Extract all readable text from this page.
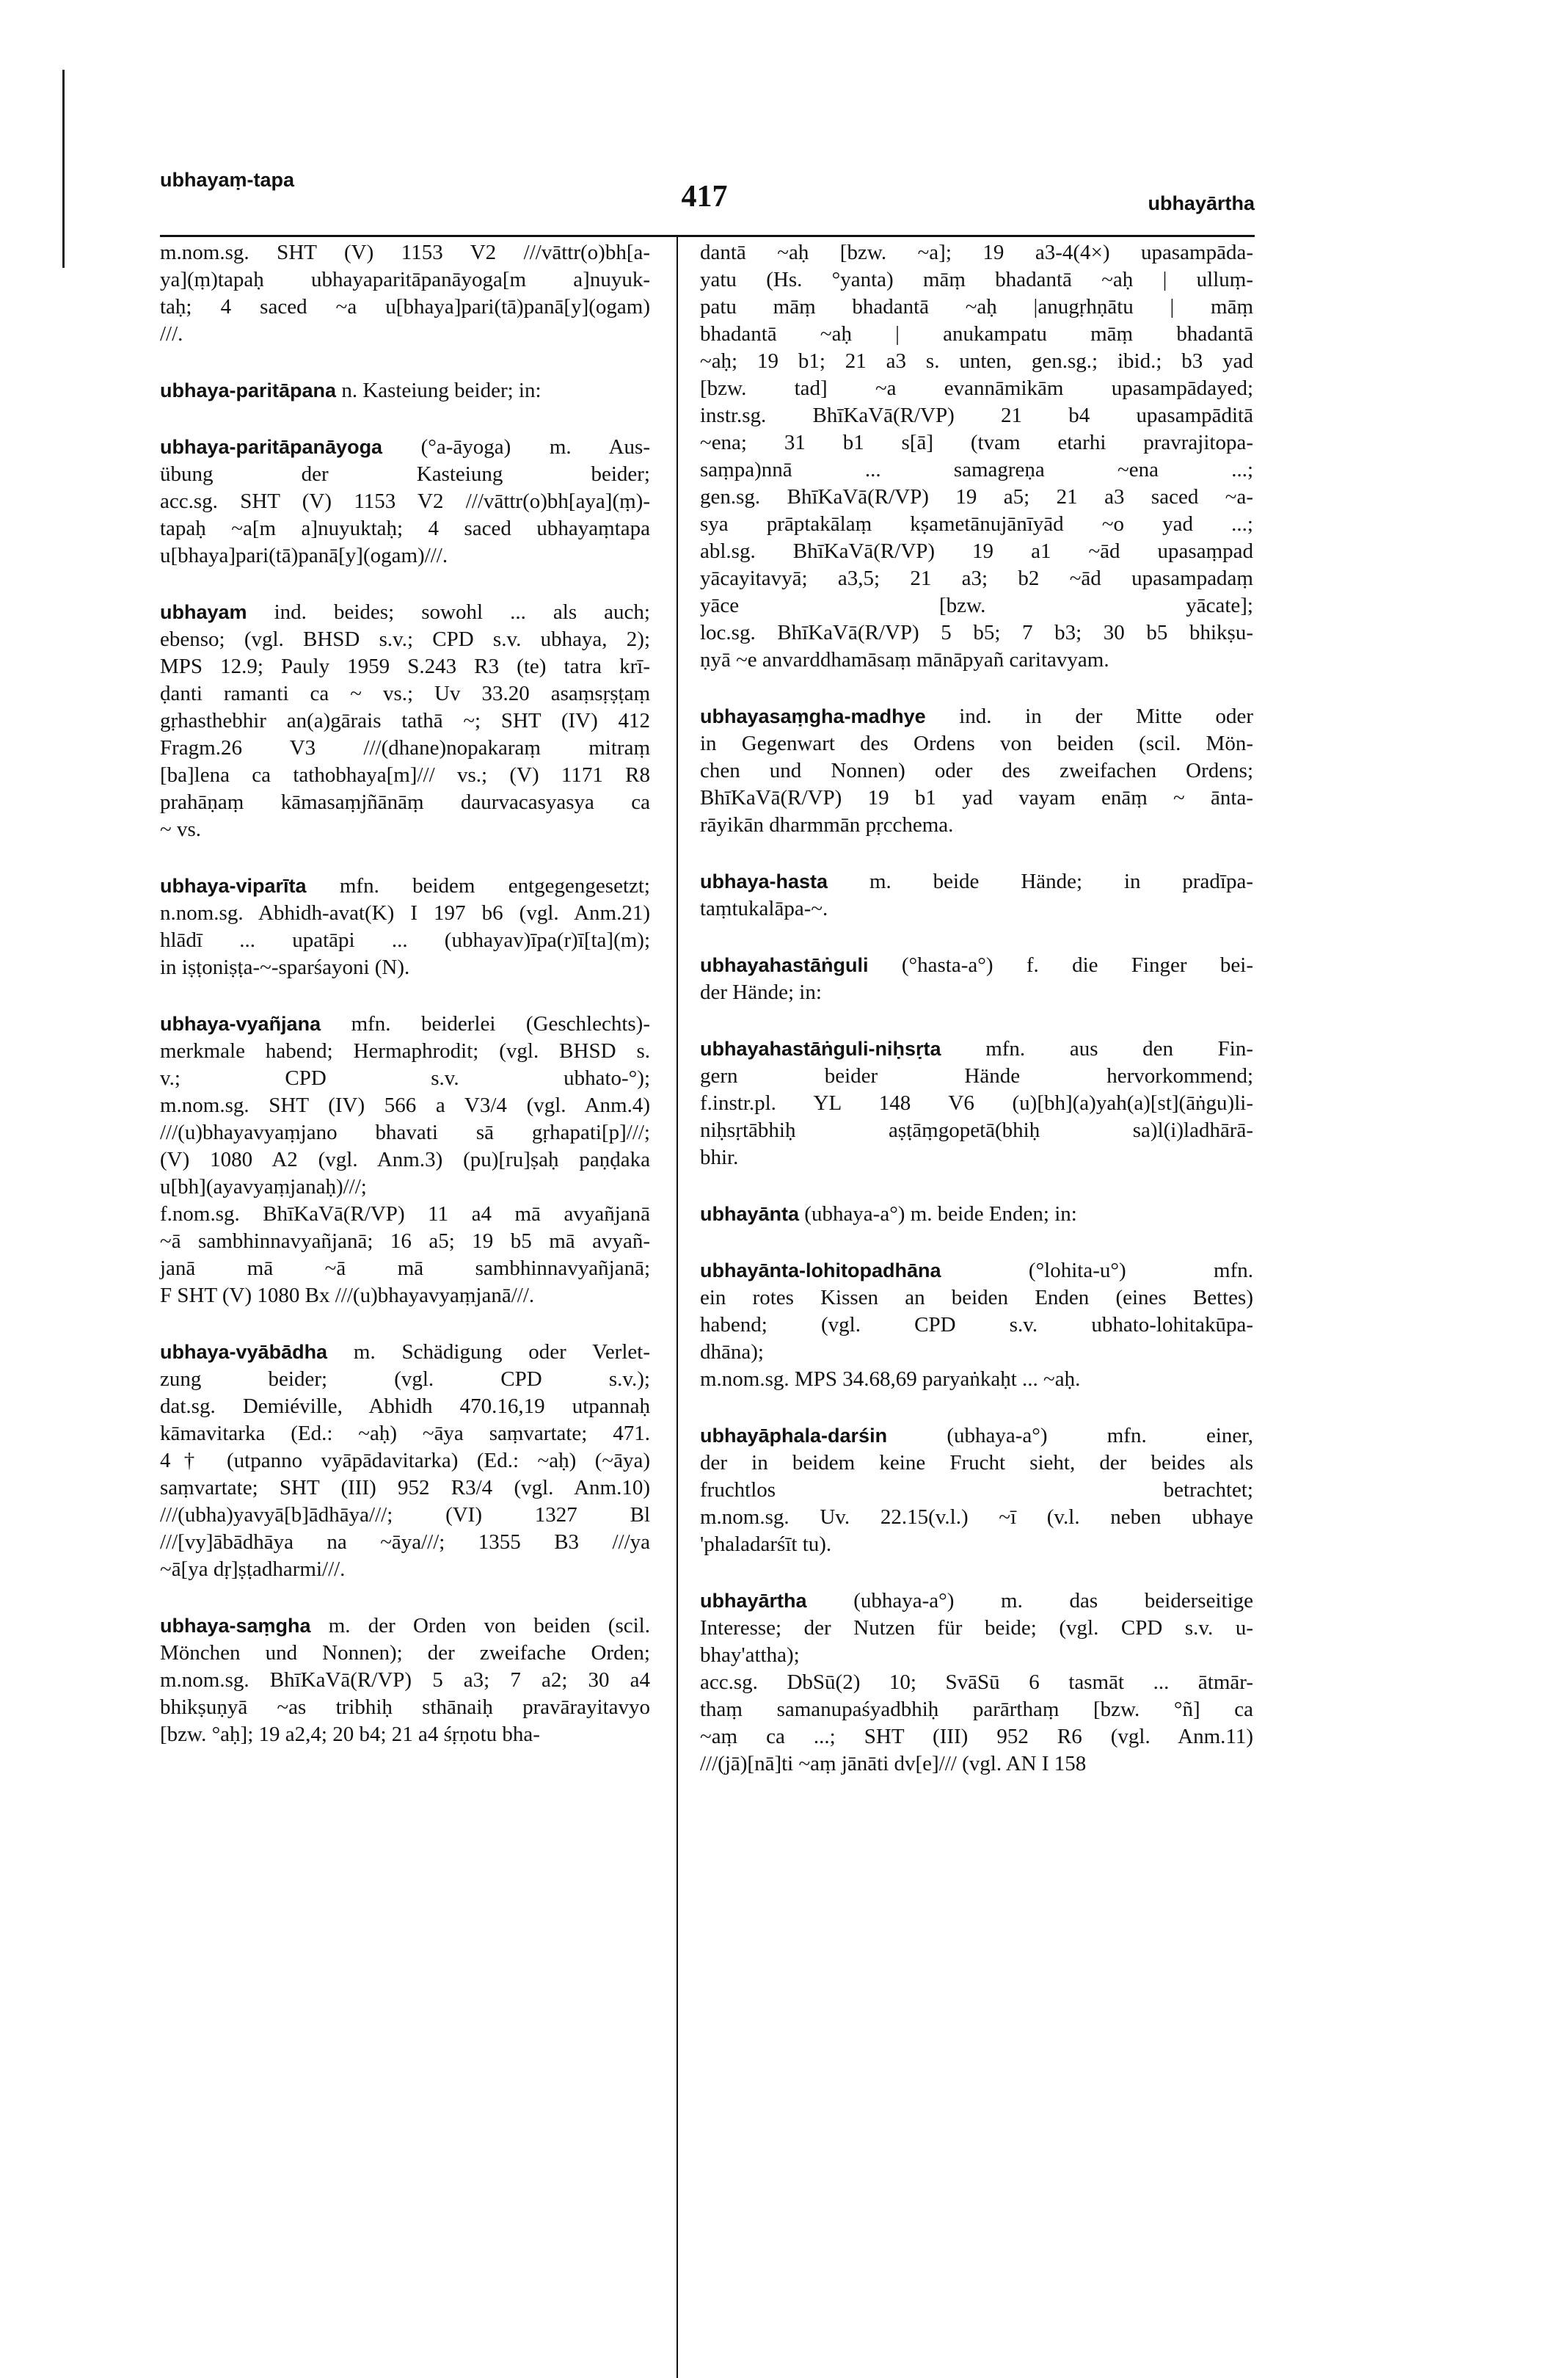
ubhayaṃ-tapa	417	ubhayārtha

m.nom.sg. SHT (V) 1153 V2 ///vāttr(o)bh[a-

ya](ṃ)tapaḥ ubhayaparitāpanāyoga[m a]nuyuk-

taḥ; 4 saced ~a u[bhaya]pari(tā)panā[y](ogam)

///.

ubhaya-paritāpana n. Kasteiung beider; in:

ubhaya-paritāpanāyoga (°a-āyoga) m. Aus-

übung der Kasteiung beider;

acc.sg. SHT (V) 1153 V2 ///vāttr(o)bh[aya](ṃ)-

tapaḥ ~a[m a]nuyuktaḥ; 4 saced ubhayaṃtapa

u[bhaya]pari(tā)panā[y](ogam)///.

ubhayam ind. beides; sowohl ... als auch;

ebenso; (vgl. BHSD s.v.; CPD s.v. ubhaya, 2);

MPS 12.9; Pauly 1959 S.243 R3 (te) tatra krī-

ḍanti ramanti ca ~ vs.; Uv 33.20 asaṃsṛṣṭaṃ

gṛhasthebhir an(a)gārais tathā ~; SHT (IV) 412

Fragm.26 V3 ///(dhane)nopakaraṃ mitraṃ

[ba]lena ca tathobhaya[m]/// vs.; (V) 1171 R8

prahāṇaṃ kāmasaṃjñānāṃ daurvacasyasya ca

~ vs.

ubhaya-viparīta mfn. beidem entgegengesetzt;

n.nom.sg. Abhidh-avat(K) I 197 b6 (vgl. Anm.21)

hlādī ... upatāpi ... (ubhayav)īpa(r)ī[ta](m);

in iṣṭoniṣṭa-~-sparśayoni (N).

ubhaya-vyañjana mfn. beiderlei (Geschlechts)-

merkmale habend; Hermaphrodit; (vgl. BHSD s.

v.; CPD s.v. ubhato-°);

m.nom.sg. SHT (IV) 566 a V3/4 (vgl. Anm.4)

///(u)bhayavyaṃjano bhavati sā gṛhapati[p]///;

(V) 1080 A2 (vgl. Anm.3) (pu)[ru]ṣaḥ paṇḍaka

u[bh](ayavyaṃjanaḥ)///;

f.nom.sg. BhīKaVā(R/VP) 11 a4 mā avyañjanā

~ā sambhinnavyañjanā; 16 a5; 19 b5 mā avyañ-

janā mā ~ā mā sambhinnavyañjanā;

F SHT (V) 1080 Bx ///(u)bhayavyaṃjanā///.

ubhaya-vyābādha m. Schädigung oder Verlet-

zung beider; (vgl. CPD s.v.);

dat.sg. Demiéville, Abhidh 470.16,19 utpannaḥ

kāmavitarka (Ed.: ~aḥ) ~āya saṃvartate; 471.

4† (utpanno vyāpādavitarka) (Ed.: ~aḥ) (~āya)

saṃvartate; SHT (III) 952 R3/4 (vgl. Anm.10)

///(ubha)yavyā[b]ādhāya///; (VI) 1327 Bl

///[vy]ābādhāya na ~āya///; 1355 B3 ///ya

~ā[ya dṛ]ṣṭadharmi///.

ubhaya-saṃgha m. der Orden von beiden (scil.

Mönchen und Nonnen); der zweifache Orden;

m.nom.sg. BhīKaVā(R/VP) 5 a3; 7 a2; 30 a4

bhikṣuṇyā ~as tribhiḥ sthānaiḥ pravārayitavyo

[bzw. °aḥ]; 19 a2,4; 20 b4; 21 a4 śṛṇotu bha-

dantā ~aḥ [bzw. ~a]; 19 a3-4(4×) upasampāda-

yatu (Hs. °yanta) māṃ bhadantā ~aḥ | ulluṃ-

patu māṃ bhadantā ~aḥ |anugṛhṇātu | māṃ

bhadantā ~aḥ | anukampatu māṃ bhadantā

~aḥ; 19 b1; 21 a3 s. unten, gen.sg.; ibid.; b3 yad

[bzw. tad] ~a evannāmikām upasampādayed;

instr.sg. BhīKaVā(R/VP) 21 b4 upasampāditā

~ena; 31 b1 s[ā] (tvam etarhi pravrajitopa-

saṃpa)nnā ... samagreṇa ~ena ...;

gen.sg. BhīKaVā(R/VP) 19 a5; 21 a3 saced ~a-

sya prāptakālaṃ kṣametānujānīyād ~o yad ...;

abl.sg. BhīKaVā(R/VP) 19 a1 ~ād upasaṃpad

yācayitavyā; a3,5; 21 a3; b2 ~ād upasampadaṃ

yāce [bzw. yācate];

loc.sg. BhīKaVā(R/VP) 5 b5; 7 b3; 30 b5 bhikṣu-

ṇyā ~e anvarddhamāsaṃ mānāpyañ caritavyam.

ubhayasaṃgha-madhye ind. in der Mitte oder

in Gegenwart des Ordens von beiden (scil. Mön-

chen und Nonnen) oder des zweifachen Ordens;

BhīKaVā(R/VP) 19 b1 yad vayam enāṃ ~ ānta-

rāyikān dharmmān pṛcchema.

ubhaya-hasta m. beide Hände; in pradīpa-

taṃtukalāpa-~.

ubhayahastāṅguli (°hasta-a°) f. die Finger bei-

der Hände; in:

ubhayahastāṅguli-niḥsṛta mfn. aus den Fin-

gern beider Hände hervorkommend;

f.instr.pl. YL 148 V6 (u)[bh](a)yah(a)[st](āṅgu)li-

niḥsṛtābhiḥ aṣṭāṃgopetā(bhiḥ sa)l(i)ladhārā-

bhir.

ubhayānta (ubhaya-a°) m. beide Enden; in:

ubhayānta-lohitopadhāna (°lohita-u°) mfn.

ein rotes Kissen an beiden Enden (eines Bettes)

habend; (vgl. CPD s.v. ubhato-lohitakūpa-

dhāna);

m.nom.sg. MPS 34.68,69 paryaṅkaḥt ... ~aḥ.

ubhayāphala-darśin (ubhaya-a°) mfn. einer,

der in beidem keine Frucht sieht, der beides als

fruchtlos betrachtet;

m.nom.sg. Uv. 22.15(v.l.) ~ī (v.l. neben ubhaye

'phaladarśīt tu).

ubhayārtha (ubhaya-a°) m. das beiderseitige

Interesse; der Nutzen für beide; (vgl. CPD s.v. u-

bhay'attha);

acc.sg. DbSū(2) 10; SvāSū 6 tasmāt ... ātmār-

thaṃ samanupaśyadbhiḥ parārthaṃ [bzw. °ñ] ca

~aṃ ca ...; SHT (III) 952 R6 (vgl. Anm.11)

///(jā)[nā]ti ~aṃ jānāti dv[e]/// (vgl. AN I 158
